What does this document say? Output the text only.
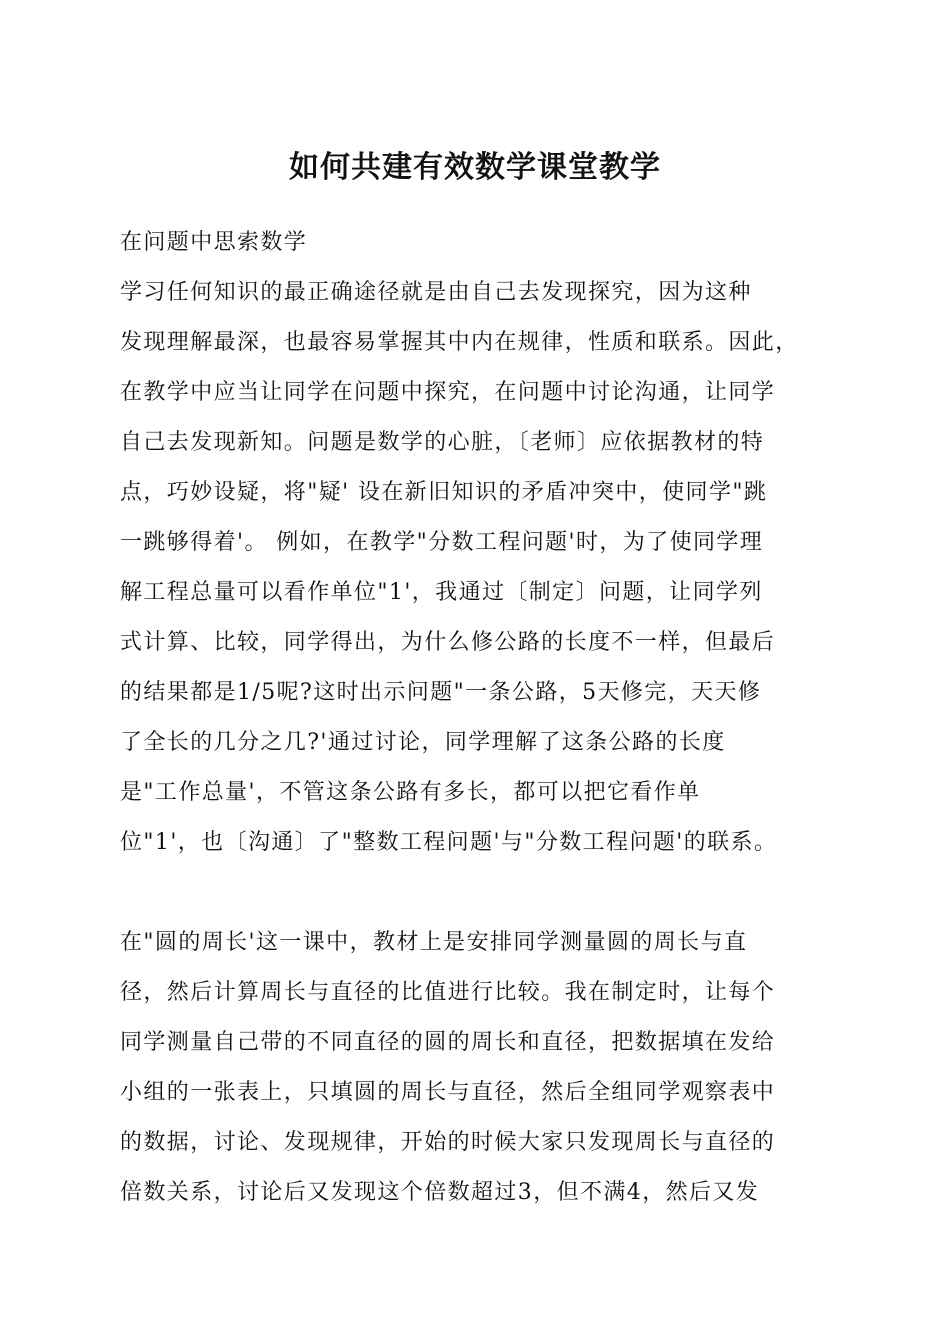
如何共建有效数学课堂教学
在问题中思索数学
学习任何知识的最正确途径就是由自己去发现探究，因为这种
发现理解最深，也最容易掌握其中内在规律，性质和联系。因此，
在教学中应当让同学在问题中探究，在问题中讨论沟通，让同学
自己去发现新知。问题是数学的心脏，〔老师〕应依据教材的特
点，巧妙设疑，将"疑' 设在新旧知识的矛盾冲突中，使同学"跳
一跳够得着'。 例如，在教学"分数工程问题'时，为了使同学理
解工程总量可以看作单位"1'，我通过〔制定〕问题，让同学列
式计算、比较，同学得出，为什么修公路的长度不一样，但最后
的结果都是1/5呢?这时出示问题"一条公路，5天修完，天天修
了全长的几分之几?'通过讨论，同学理解了这条公路的长度
是"工作总量'，不管这条公路有多长，都可以把它看作单
位"1'，也〔沟通〕了"整数工程问题'与"分数工程问题'的联系。
在"圆的周长'这一课中，教材上是安排同学测量圆的周长与直
径，然后计算周长与直径的比值进行比较。我在制定时，让每个
同学测量自己带的不同直径的圆的周长和直径，把数据填在发给
小组的一张表上，只填圆的周长与直径，然后全组同学观察表中
的数据，讨论、发现规律，开始的时候大家只发现周长与直径的
倍数关系，讨论后又发现这个倍数超过3，但不满4，然后又发
